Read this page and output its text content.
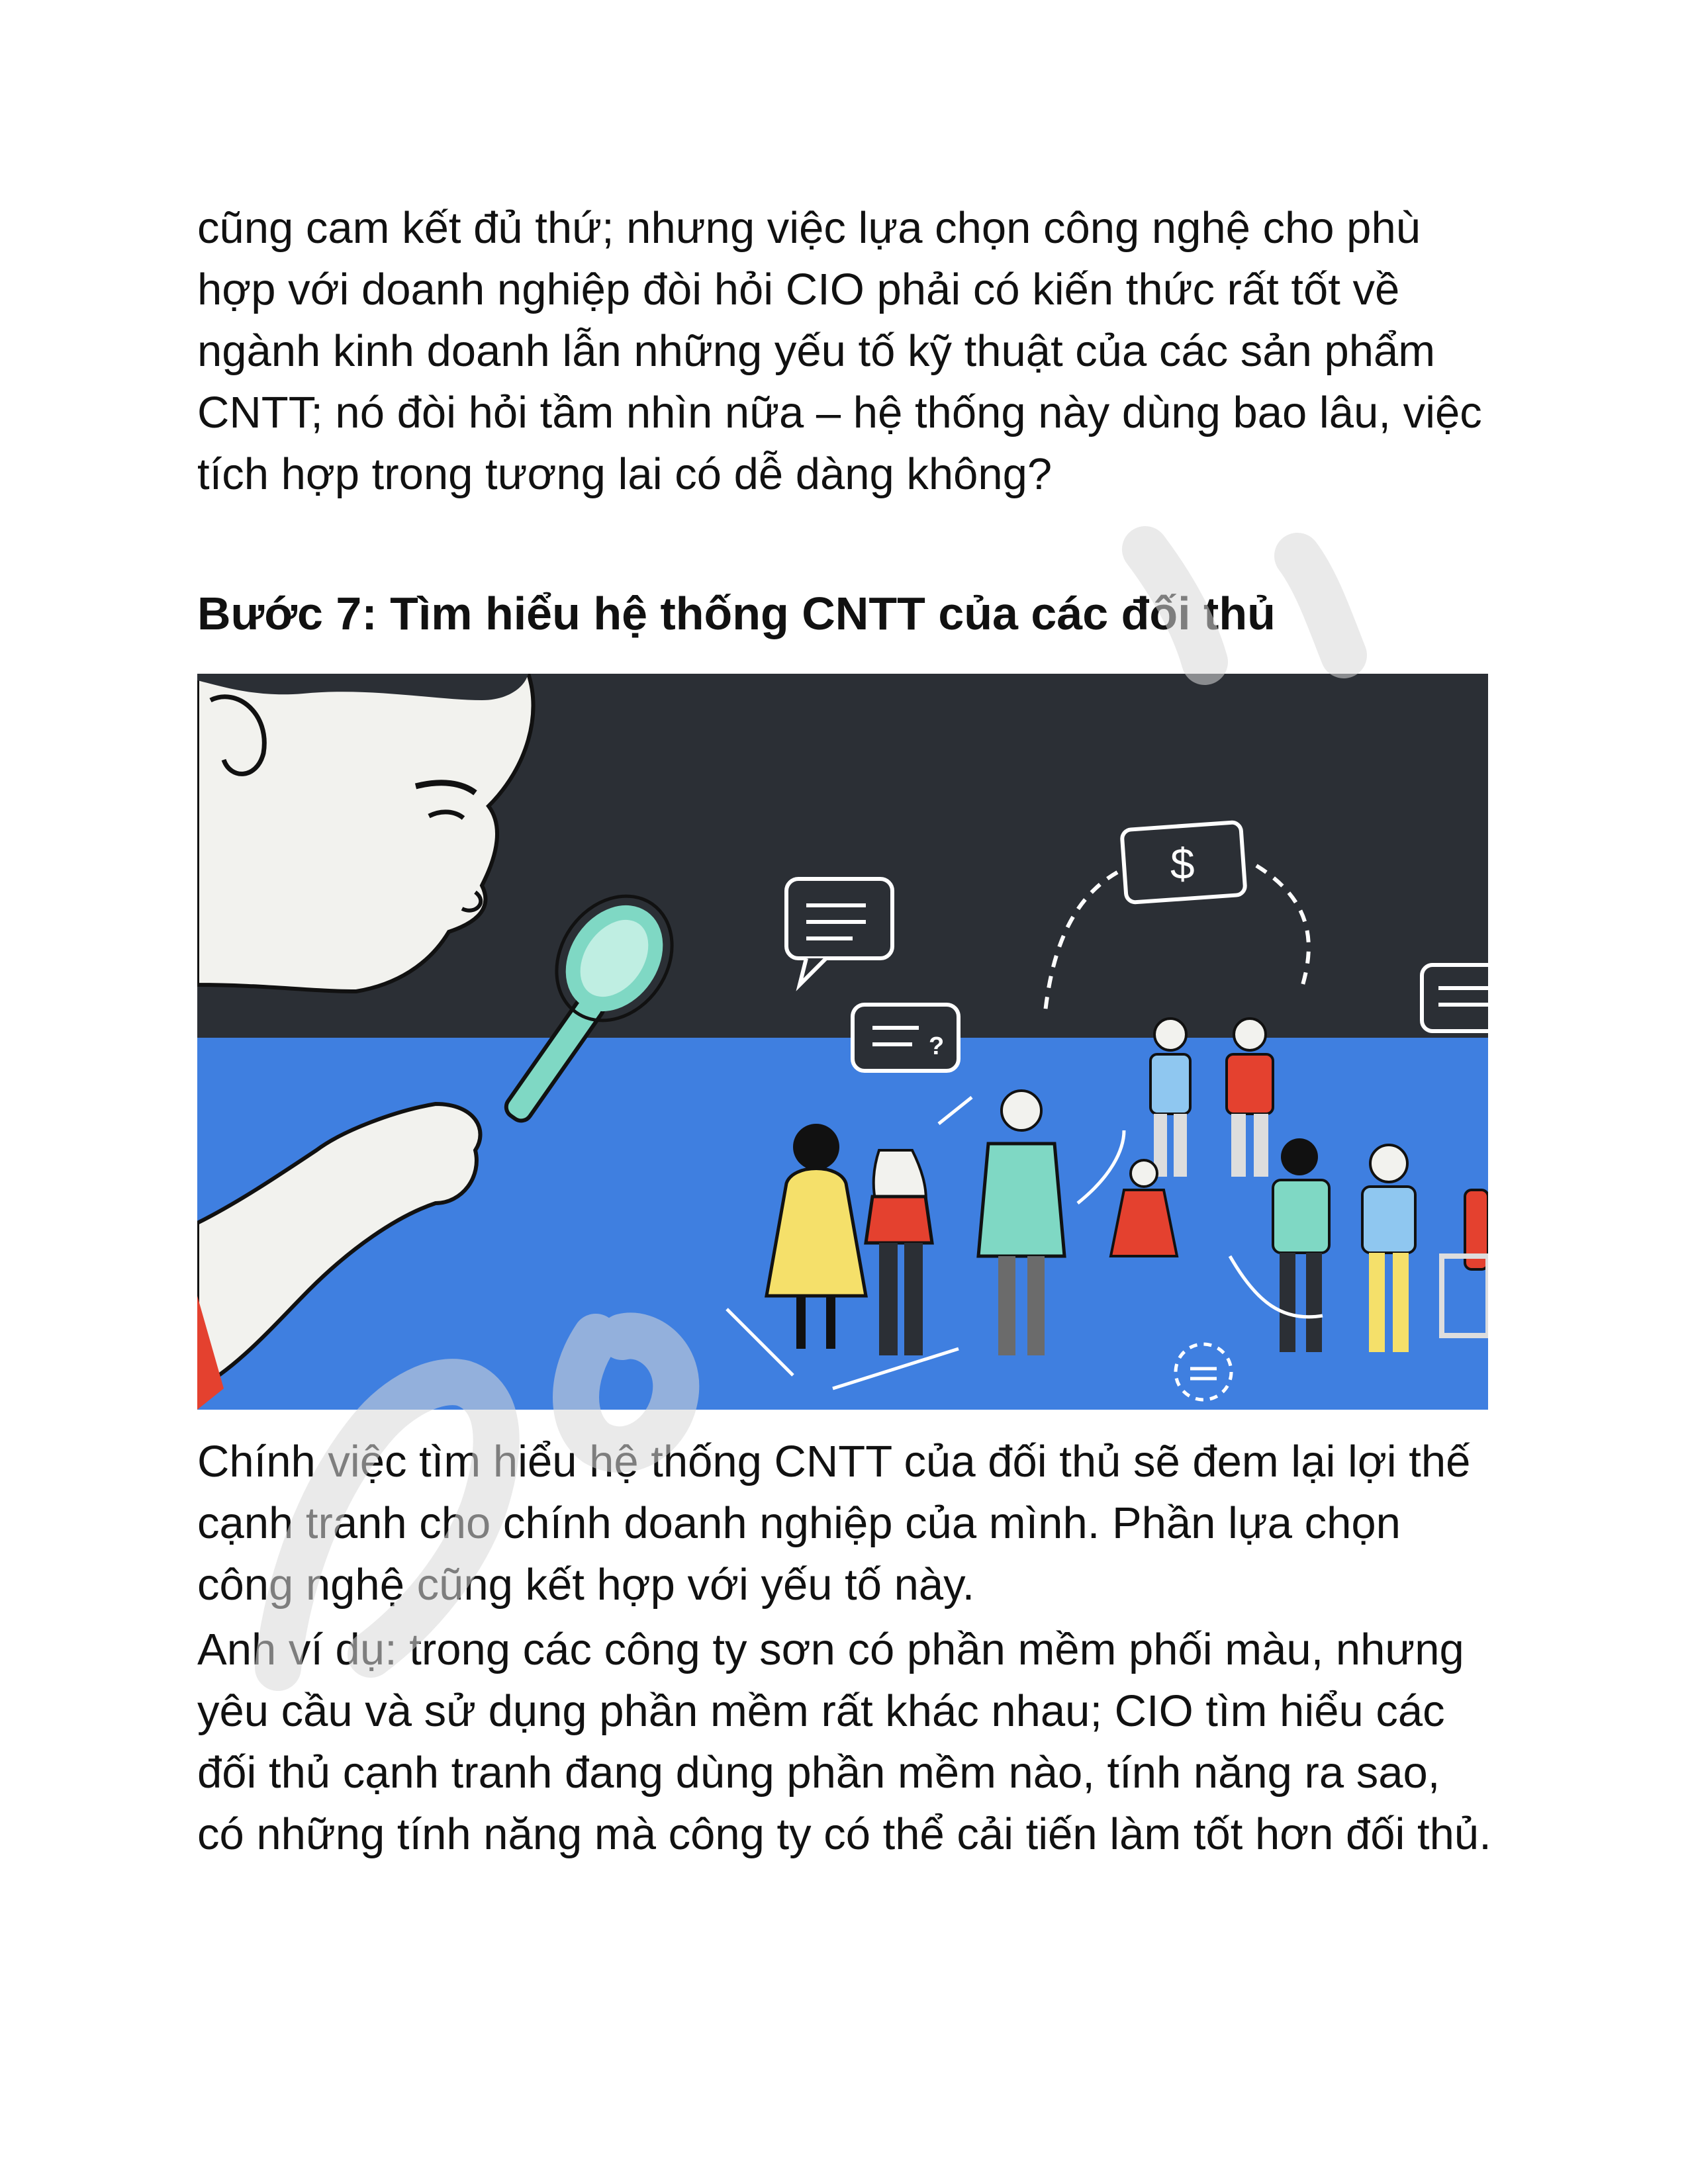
cũng cam kết đủ thứ; nhưng việc lựa chọn công nghệ cho phù hợp với doanh nghiệp đòi hỏi CIO phải có kiến thức rất tốt về ngành kinh doanh lẫn những yếu tố kỹ thuật của các sản phẩm CNTT; nó đòi hỏi tầm nhìn nữa – hệ thống này dùng bao lâu, việc tích hợp trong tương lai có dễ dàng không?

Bước 7: Tìm hiểu hệ thống CNTT của các đối thủ
?
$

Chính việc tìm hiểu hệ thống CNTT của đối thủ sẽ đem lại lợi thế cạnh tranh cho chính doanh nghiệp của mình. Phần lựa chọn công nghệ cũng kết hợp với yếu tố này.

Anh ví dụ: trong các công ty sơn có phần mềm phối màu, nhưng yêu cầu và sử dụng phần mềm rất khác nhau; CIO tìm hiểu các đối thủ cạnh tranh đang dùng phần mềm nào, tính năng ra sao, có những tính năng mà công ty có thể cải tiến làm tốt hơn đối thủ.
